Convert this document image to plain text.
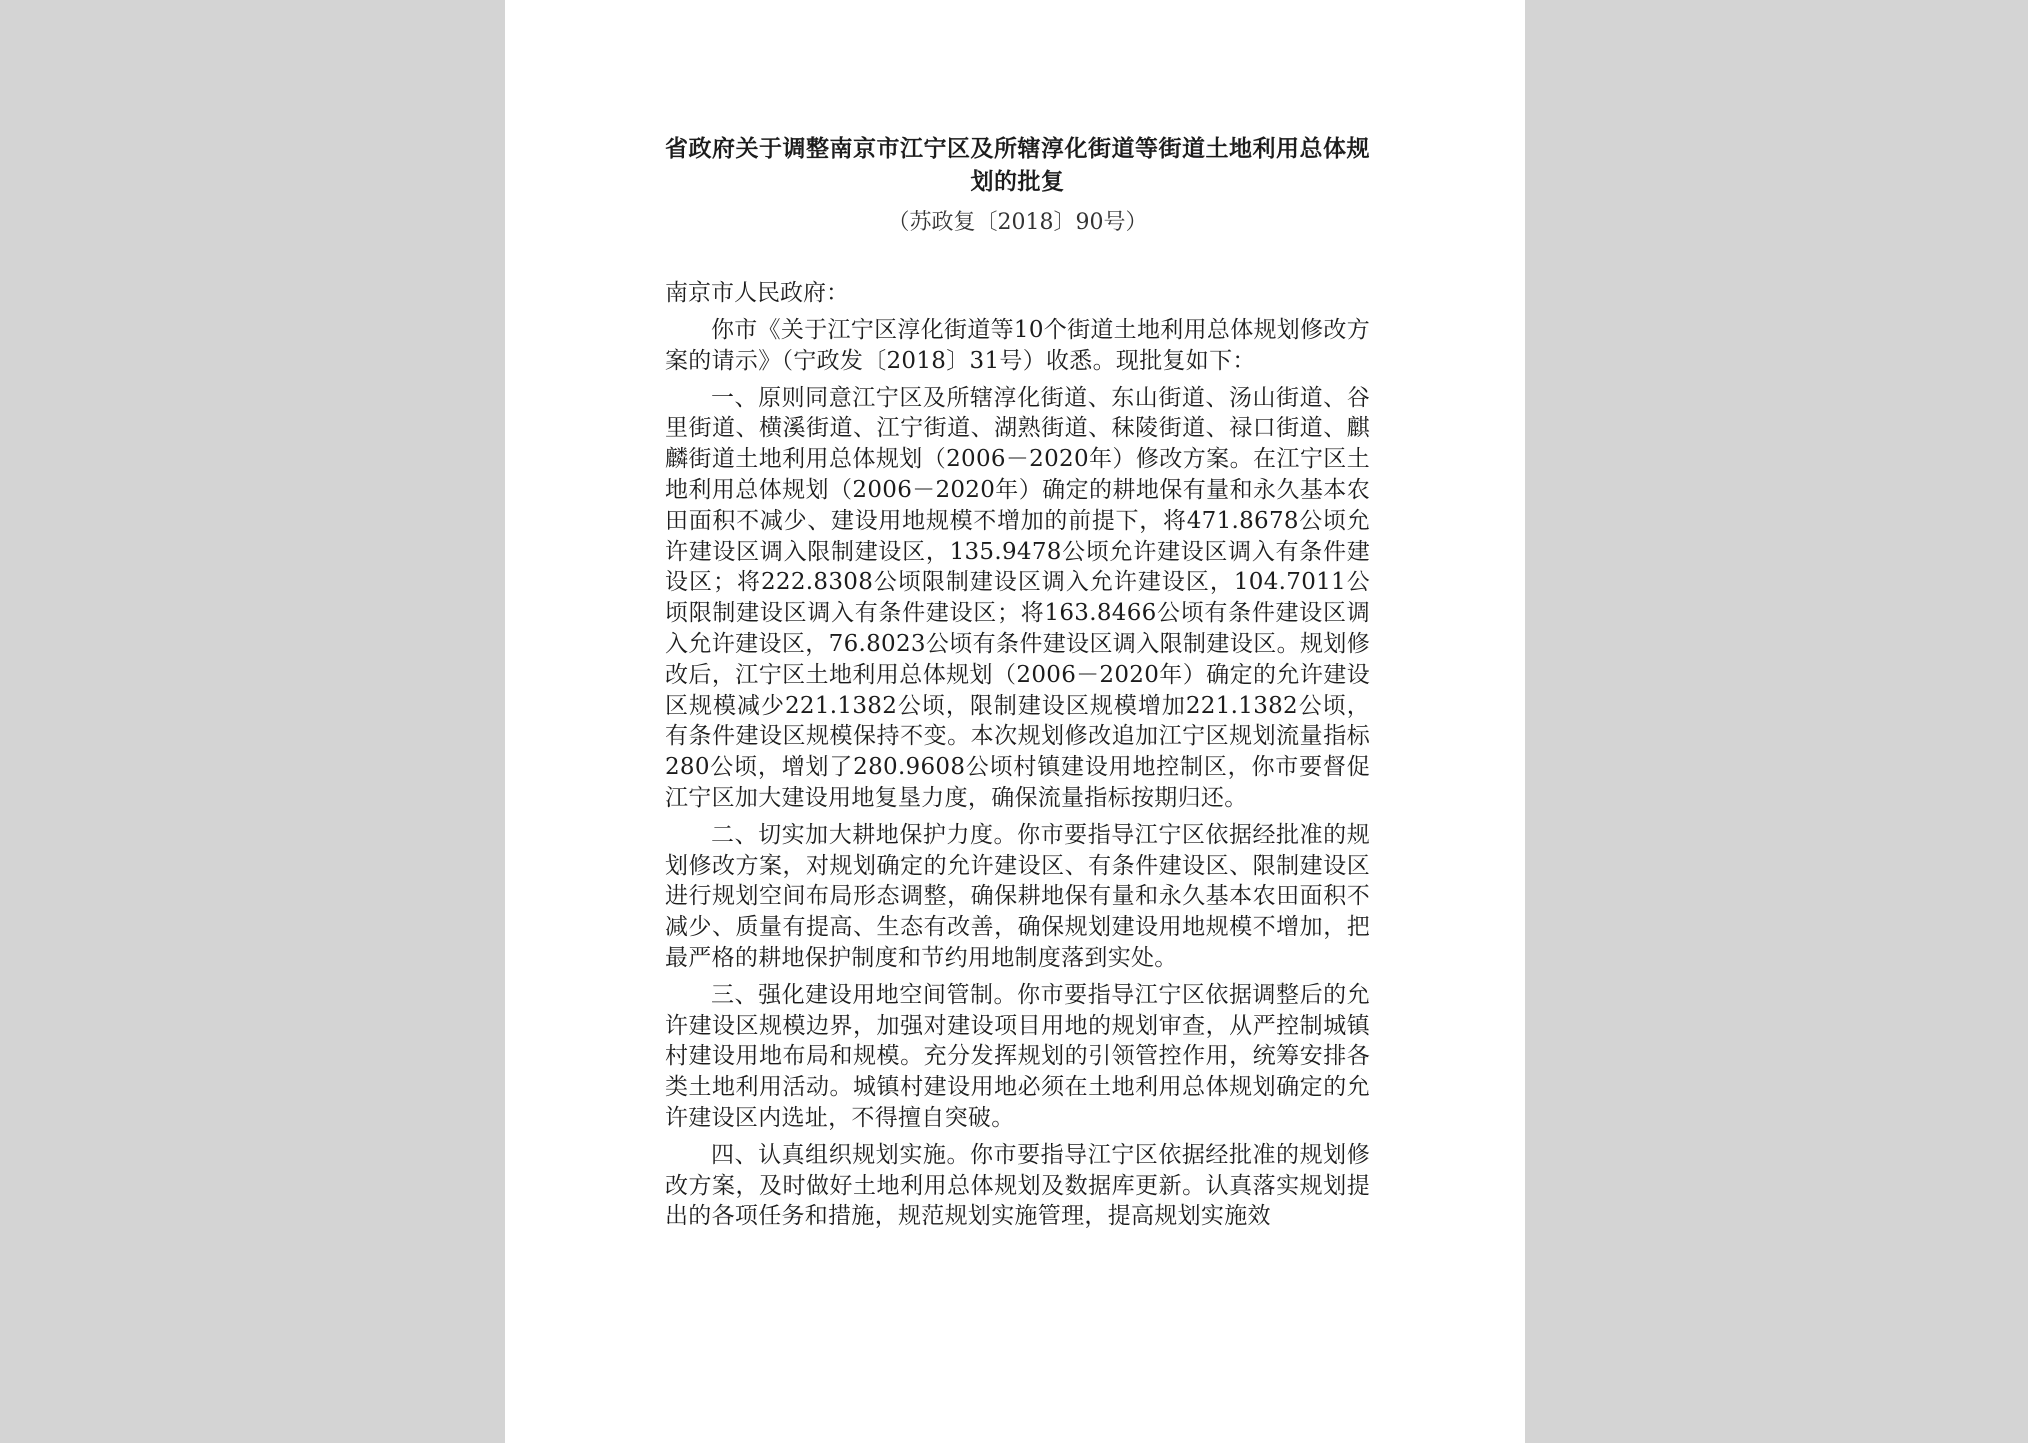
省政府关于调整南京市江宁区及所辖淳化街道等街道土地利用总体规划的批复

（苏政复〔2018〕90号）

南京市人民政府：

你市《关于江宁区淳化街道等10个街道土地利用总体规划修改方案的请示》（宁政发〔2018〕31号）收悉。现批复如下：

一、原则同意江宁区及所辖淳化街道、东山街道、汤山街道、谷里街道、横溪街道、江宁街道、湖熟街道、秣陵街道、禄口街道、麒麟街道土地利用总体规划（2006－2020年）修改方案。在江宁区土地利用总体规划（2006－2020年）确定的耕地保有量和永久基本农田面积不减少、建设用地规模不增加的前提下，将471.8678公顷允许建设区调入限制建设区，135.9478公顷允许建设区调入有条件建设区；将222.8308公顷限制建设区调入允许建设区，104.7011公顷限制建设区调入有条件建设区；将163.8466公顷有条件建设区调入允许建设区，76.8023公顷有条件建设区调入限制建设区。规划修改后，江宁区土地利用总体规划（2006－2020年）确定的允许建设区规模减少221.1382公顷，限制建设区规模增加221.1382公顷，有条件建设区规模保持不变。本次规划修改追加江宁区规划流量指标280公顷，增划了280.9608公顷村镇建设用地控制区，你市要督促江宁区加大建设用地复垦力度，确保流量指标按期归还。

二、切实加大耕地保护力度。你市要指导江宁区依据经批准的规划修改方案，对规划确定的允许建设区、有条件建设区、限制建设区进行规划空间布局形态调整，确保耕地保有量和永久基本农田面积不减少、质量有提高、生态有改善，确保规划建设用地规模不增加，把最严格的耕地保护制度和节约用地制度落到实处。

三、强化建设用地空间管制。你市要指导江宁区依据调整后的允许建设区规模边界，加强对建设项目用地的规划审查，从严控制城镇村建设用地布局和规模。充分发挥规划的引领管控作用，统筹安排各类土地利用活动。城镇村建设用地必须在土地利用总体规划确定的允许建设区内选址，不得擅自突破。

四、认真组织规划实施。你市要指导江宁区依据经批准的规划修改方案，及时做好土地利用总体规划及数据库更新。认真落实规划提出的各项任务和措施，规范规划实施管理，提高规划实施效
